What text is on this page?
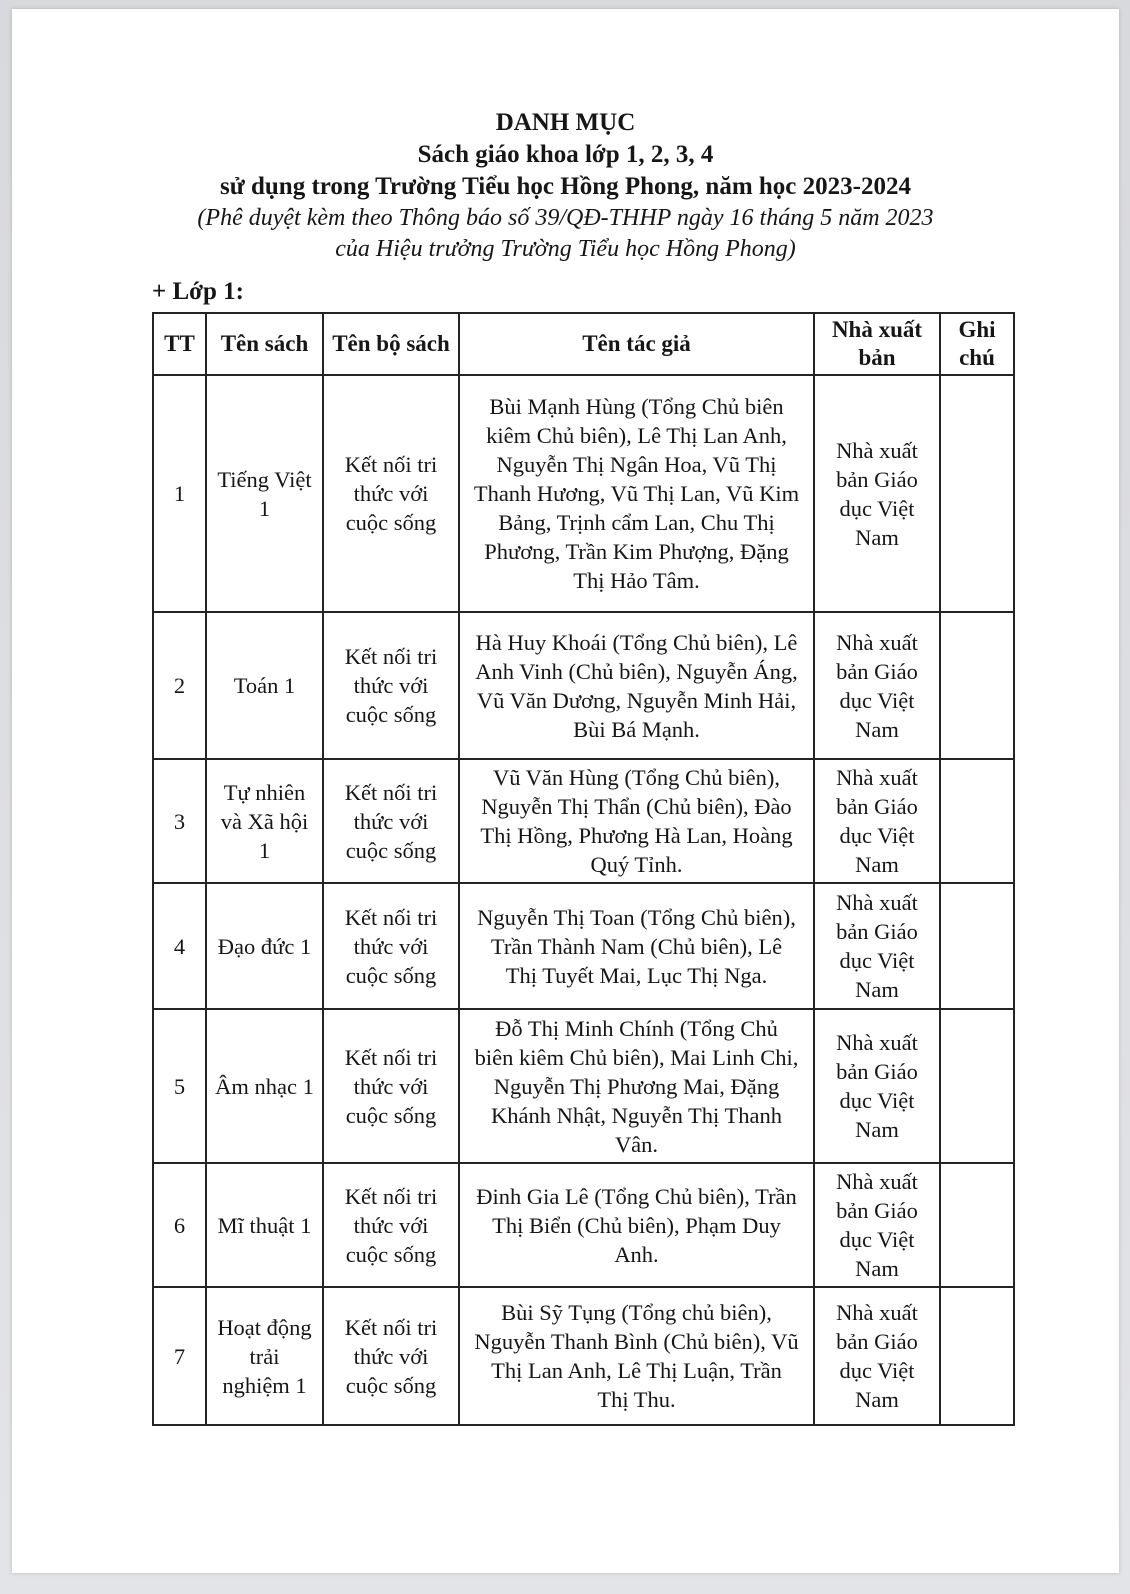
DANH MỤC
Sách giáo khoa lớp 1, 2, 3, 4
sử dụng trong Trường Tiểu học Hồng Phong, năm học 2023-2024
(Phê duyệt kèm theo Thông báo số 39/QĐ-THHP ngày 16 tháng 5 năm 2023
của Hiệu trưởng Trường Tiểu học Hồng Phong)
+ Lớp 1:
TT	Tên sách	Tên bộ sách	Tên tác giả	Nhà xuất bản	Ghi chú
1	Tiếng Việt 1	Kết nối tri thức với cuộc sống	Bùi Mạnh Hùng (Tổng Chủ biên kiêm Chủ biên), Lê Thị Lan Anh, Nguyễn Thị Ngân Hoa, Vũ Thị Thanh Hương, Vũ Thị Lan, Vũ Kim Bảng, Trịnh cẩm Lan, Chu Thị Phương, Trần Kim Phượng, Đặng Thị Hảo Tâm.	Nhà xuất bản Giáo dục Việt Nam	
2	Toán 1	Kết nối tri thức với cuộc sống	Hà Huy Khoái (Tổng Chủ biên), Lê Anh Vinh (Chủ biên), Nguyễn Áng, Vũ Văn Dương, Nguyễn Minh Hải, Bùi Bá Mạnh.	Nhà xuất bản Giáo dục Việt Nam	
3	Tự nhiên và Xã hội 1	Kết nối tri thức với cuộc sống	Vũ Văn Hùng (Tổng Chủ biên), Nguyễn Thị Thẩn (Chủ biên), Đào Thị Hồng, Phương Hà Lan, Hoàng Quý Tỉnh.	Nhà xuất bản Giáo dục Việt Nam	
4	Đạo đức 1	Kết nối tri thức với cuộc sống	Nguyễn Thị Toan (Tổng Chủ biên), Trần Thành Nam (Chủ biên), Lê Thị Tuyết Mai, Lục Thị Nga.	Nhà xuất bản Giáo dục Việt Nam	
5	Âm nhạc 1	Kết nối tri thức với cuộc sống	Đỗ Thị Minh Chính (Tổng Chủ biên kiêm Chủ biên), Mai Linh Chi, Nguyễn Thị Phương Mai, Đặng Khánh Nhật, Nguyễn Thị Thanh Vân.	Nhà xuất bản Giáo dục Việt Nam	
6	Mĩ thuật 1	Kết nối tri thức với cuộc sống	Đinh Gia Lê (Tổng Chủ biên), Trần Thị Biển (Chủ biên), Phạm Duy Anh.	Nhà xuất bản Giáo dục Việt Nam	
7	Hoạt động trải nghiệm 1	Kết nối tri thức với cuộc sống	Bùi Sỹ Tụng (Tổng chủ biên), Nguyễn Thanh Bình (Chủ biên), Vũ Thị Lan Anh, Lê Thị Luận, Trần Thị Thu.	Nhà xuất bản Giáo dục Việt Nam	
